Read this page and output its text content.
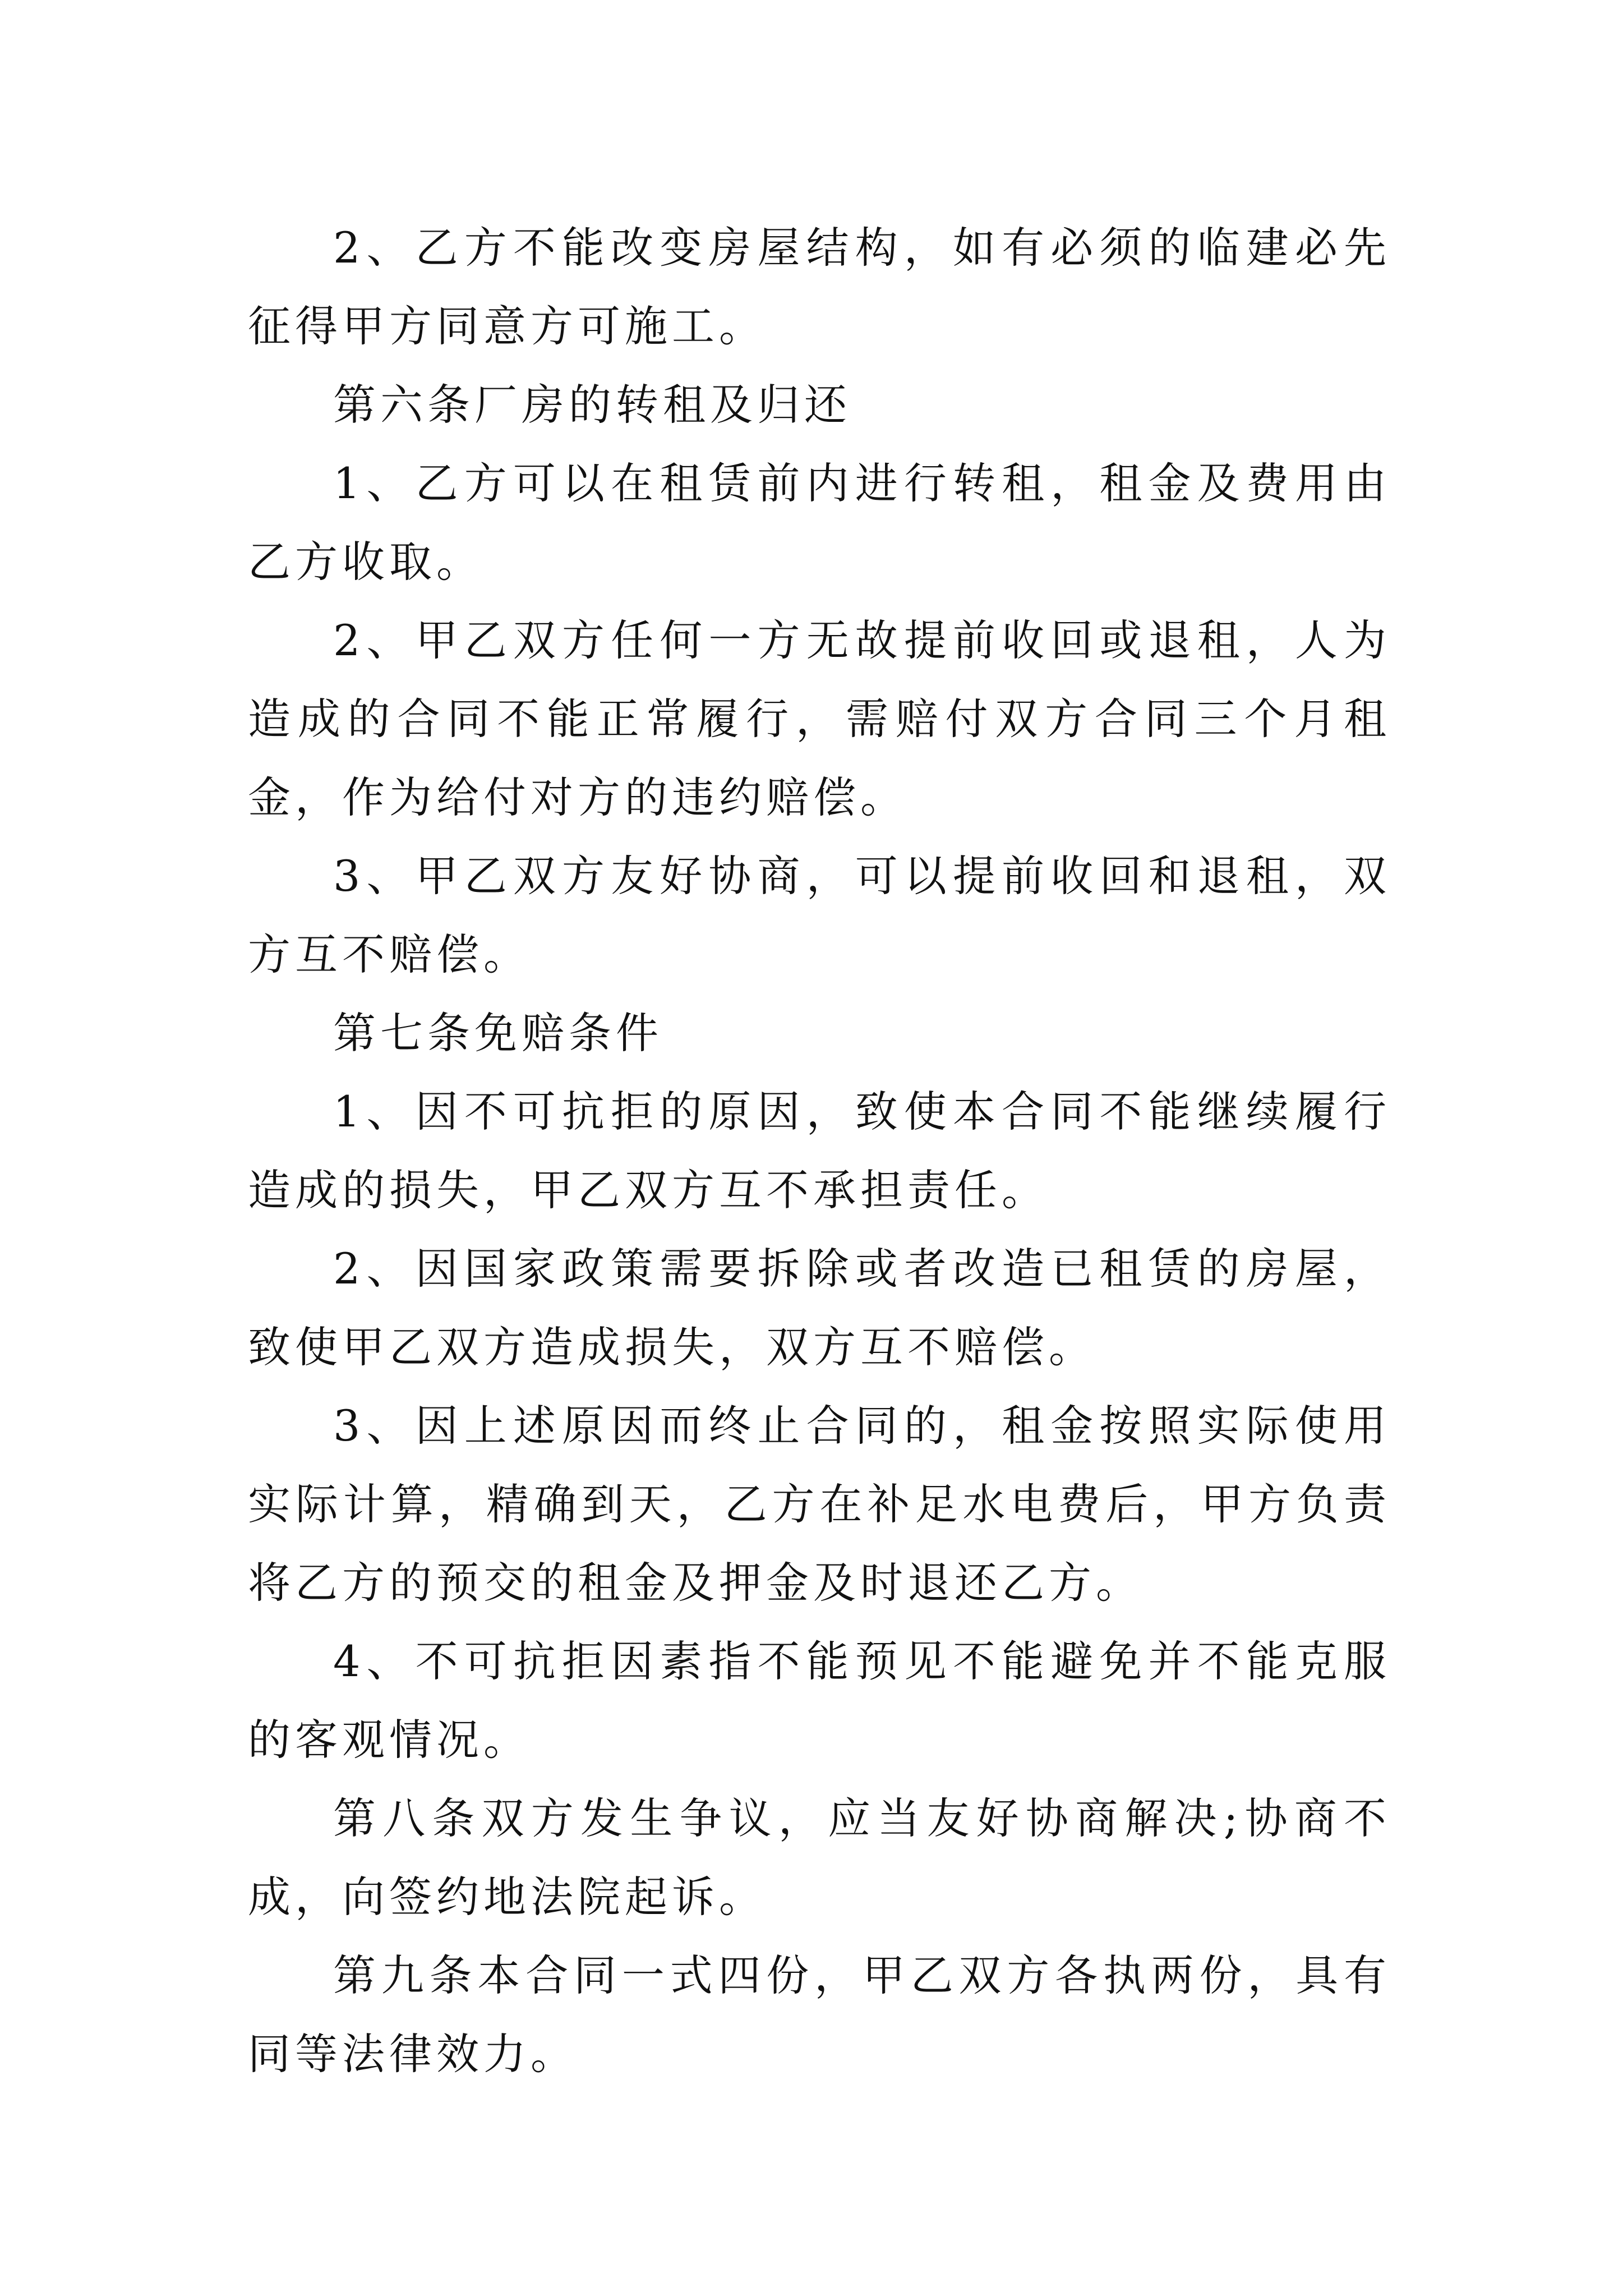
2、乙方不能改变房屋结构，如有必须的临建必先征得甲方同意方可施工。

第六条厂房的转租及归还

1、乙方可以在租赁前内进行转租，租金及费用由乙方收取。

2、甲乙双方任何一方无故提前收回或退租，人为造成的合同不能正常履行，需赔付双方合同三个月租金，作为给付对方的违约赔偿。

3、甲乙双方友好协商，可以提前收回和退租，双方互不赔偿。

第七条免赔条件

1、因不可抗拒的原因，致使本合同不能继续履行造成的损失，甲乙双方互不承担责任。

2、因国家政策需要拆除或者改造已租赁的房屋，致使甲乙双方造成损失，双方互不赔偿。

3、因上述原因而终止合同的，租金按照实际使用实际计算，精确到天，乙方在补足水电费后，甲方负责将乙方的预交的租金及押金及时退还乙方。

4、不可抗拒因素指不能预见不能避免并不能克服的客观情况。

第八条双方发生争议，应当友好协商解决;协商不成，向签约地法院起诉。

第九条本合同一式四份，甲乙双方各执两份，具有同等法律效力。
